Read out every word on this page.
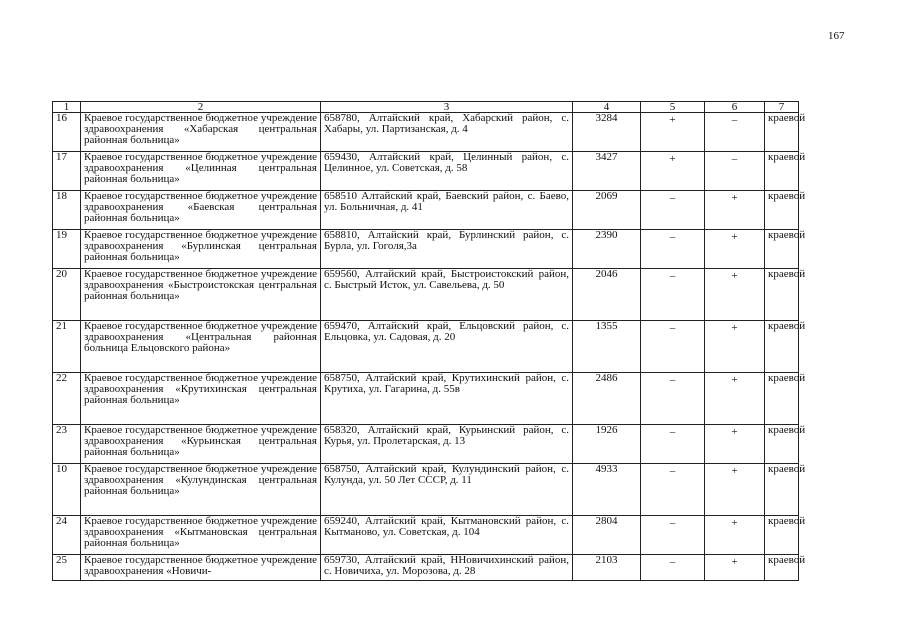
167
1	2	3	4	5	6	7
16	Краевое государственное бюджетное учреждение здравоохранения «Хабарская центральная районная больница»	658780, Алтайский край, Хабарский район, с. Хабары, ул. Партизанская, д. 4	3284	+	–	краевой
17	Краевое государственное бюджетное учреждение здравоохранения «Целинная центральная районная больница»	659430, Алтайский край, Целинный район, с. Целинное, ул. Советская, д. 58	3427	+	–	краевой
18	Краевое государственное бюджетное учреждение здравоохранения «Баевская центральная районная больница»	658510 Алтайский край, Баевский район, с. Баево, ул. Больничная, д. 41	2069	–	+	краевой
19	Краевое государственное бюджетное учреждение здравоохранения «Бурлинская центральная районная больница»	658810, Алтайский край, Бурлинский район, с. Бурла, ул. Гоголя,3а	2390	–	+	краевой
20	Краевое государственное бюджетное учреждение здравоохранения «Быстроистокская центральная районная больница»	659560, Алтайский край, Быстроистокский район, с. Быстрый Исток, ул. Савельева, д. 50	2046	–	+	краевой
21	Краевое государственное бюджетное учреждение здравоохранения «Центральная районная больница Ельцовского района»	659470, Алтайский край, Ельцовский район, с. Ельцовка, ул. Садовая, д. 20	1355	–	+	краевой
22	Краевое государственное бюджетное учреждение здравоохранения «Крутихинская центральная районная больница»	658750, Алтайский край, Крутихинский район, с. Крутиха, ул. Гагарина, д. 55в	2486	–	+	краевой
23	Краевое государственное бюджетное учреждение здравоохранения «Курьинская центральная районная больница»	658320, Алтайский край, Курьинский район, с. Курья, ул. Пролетарская, д. 13	1926	–	+	краевой
10	Краевое государственное бюджетное учреждение здравоохранения «Кулундинская центральная районная больница»	658750, Алтайский край, Кулундинский район, с. Кулунда, ул. 50 Лет СССР, д. 11	4933	–	+	краевой
24	Краевое государственное бюджетное учреждение здравоохранения «Кытмановская центральная районная больница»	659240, Алтайский край, Кытмановский район, с. Кытманово, ул. Советская, д. 104	2804	–	+	краевой
25	Краевое государственное бюджетное учреждение здравоохранения «Новичи-	659730, Алтайский край, ННовичихинский район, с. Новичиха, ул. Морозова, д. 28	2103	–	+	краевой
